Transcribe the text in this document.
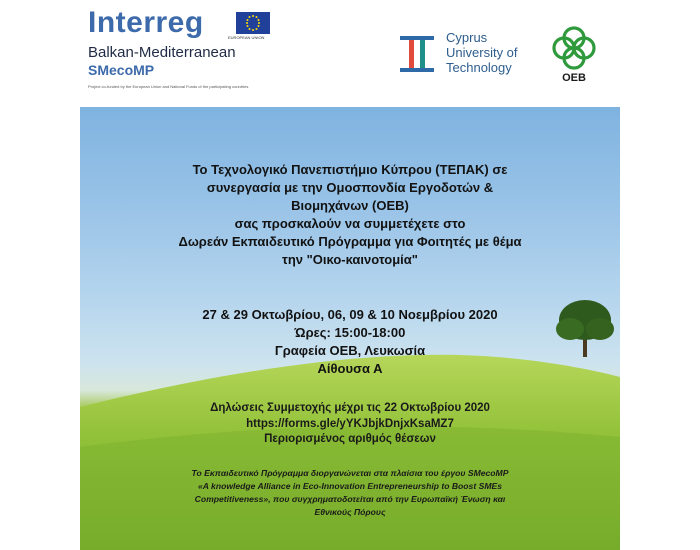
Interreg	EUROPEAN UNION
Balkan-Mediterranean
SMecoMP
Project co-funded by the European Union and National Funds of the participating countries
Cyprus
University of
Technology
OEB
Το Τεχνολογικό Πανεπιστήμιο Κύπρου (ΤΕΠΑΚ) σε
συνεργασία με την Ομοσπονδία Εργοδοτών &
Βιομηχάνων (ΟΕΒ)
σας προσκαλούν να συμμετέχετε στο
Δωρεάν Εκπαιδευτικό Πρόγραμμα για Φοιτητές με θέμα
την "Οικο-καινοτομία"
27 & 29 Οκτωβρίου, 06, 09 & 10 Νοεμβρίου 2020
Ώρες: 15:00-18:00
Γραφεία ΟΕΒ, Λευκωσία
Αίθουσα Α
Δηλώσεις Συμμετοχής μέχρι τις 22 Οκτωβρίου 2020
https://forms.gle/yYKJbjkDnjxKsaMZ7
Περιορισμένος αριθμός θέσεων
Το Εκπαιδευτικό Πρόγραμμα διοργανώνεται στα πλαίσια του έργου SMecoMP
«A knowledge Alliance in Eco-Innovation Entrepreneurship to Boost SMEs
Competitiveness», που συγχρηματοδοτείται από την Ευρωπαϊκή Ένωση και
Εθνικούς Πόρους
